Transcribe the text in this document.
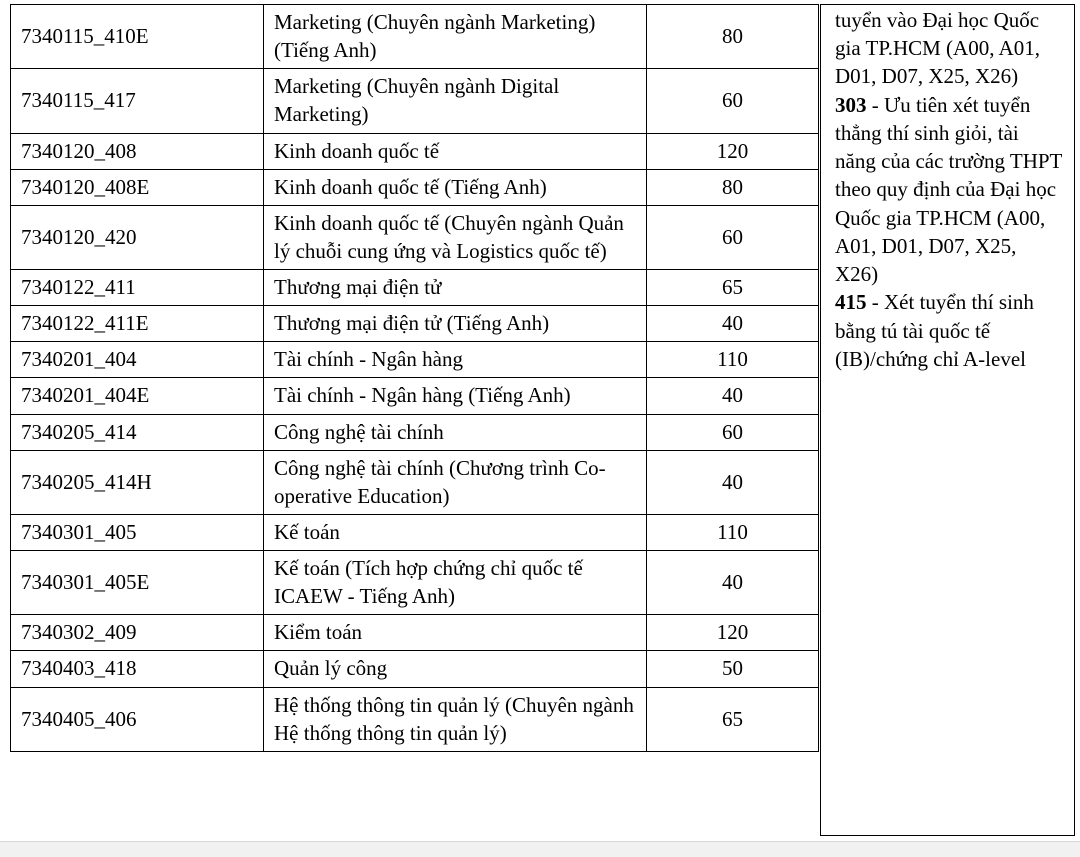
7340115_410E	Marketing (Chuyên ngành Marketing) (Tiếng Anh)	80
7340115_417	Marketing (Chuyên ngành Digital Marketing)	60
7340120_408	Kinh doanh quốc tế	120
7340120_408E	Kinh doanh quốc tế (Tiếng Anh)	80
7340120_420	Kinh doanh quốc tế (Chuyên ngành Quản lý chuỗi cung ứng và Logistics quốc tế)	60
7340122_411	Thương mại điện tử	65
7340122_411E	Thương mại điện tử (Tiếng Anh)	40
7340201_404	Tài chính - Ngân hàng	110
7340201_404E	Tài chính - Ngân hàng (Tiếng Anh)	40
7340205_414	Công nghệ tài chính	60
7340205_414H	Công nghệ tài chính (Chương trình Co-operative Education)	40
7340301_405	Kế toán	110
7340301_405E	Kế toán (Tích hợp chứng chỉ quốc tế ICAEW - Tiếng Anh)	40
7340302_409	Kiểm toán	120
7340403_418	Quản lý công	50
7340405_406	Hệ thống thông tin quản lý (Chuyên ngành Hệ thống thông tin quản lý)	65

tuyển vào Đại học Quốc gia TP.HCM (A00, A01, D01, D07, X25, X26)

303 - Ưu tiên xét tuyển thẳng thí sinh giỏi, tài năng của các trường THPT theo quy định của Đại học Quốc gia TP.HCM (A00, A01, D01, D07, X25, X26)

415 - Xét tuyển thí sinh bằng tú tài quốc tế (IB)/chứng chỉ A-level
